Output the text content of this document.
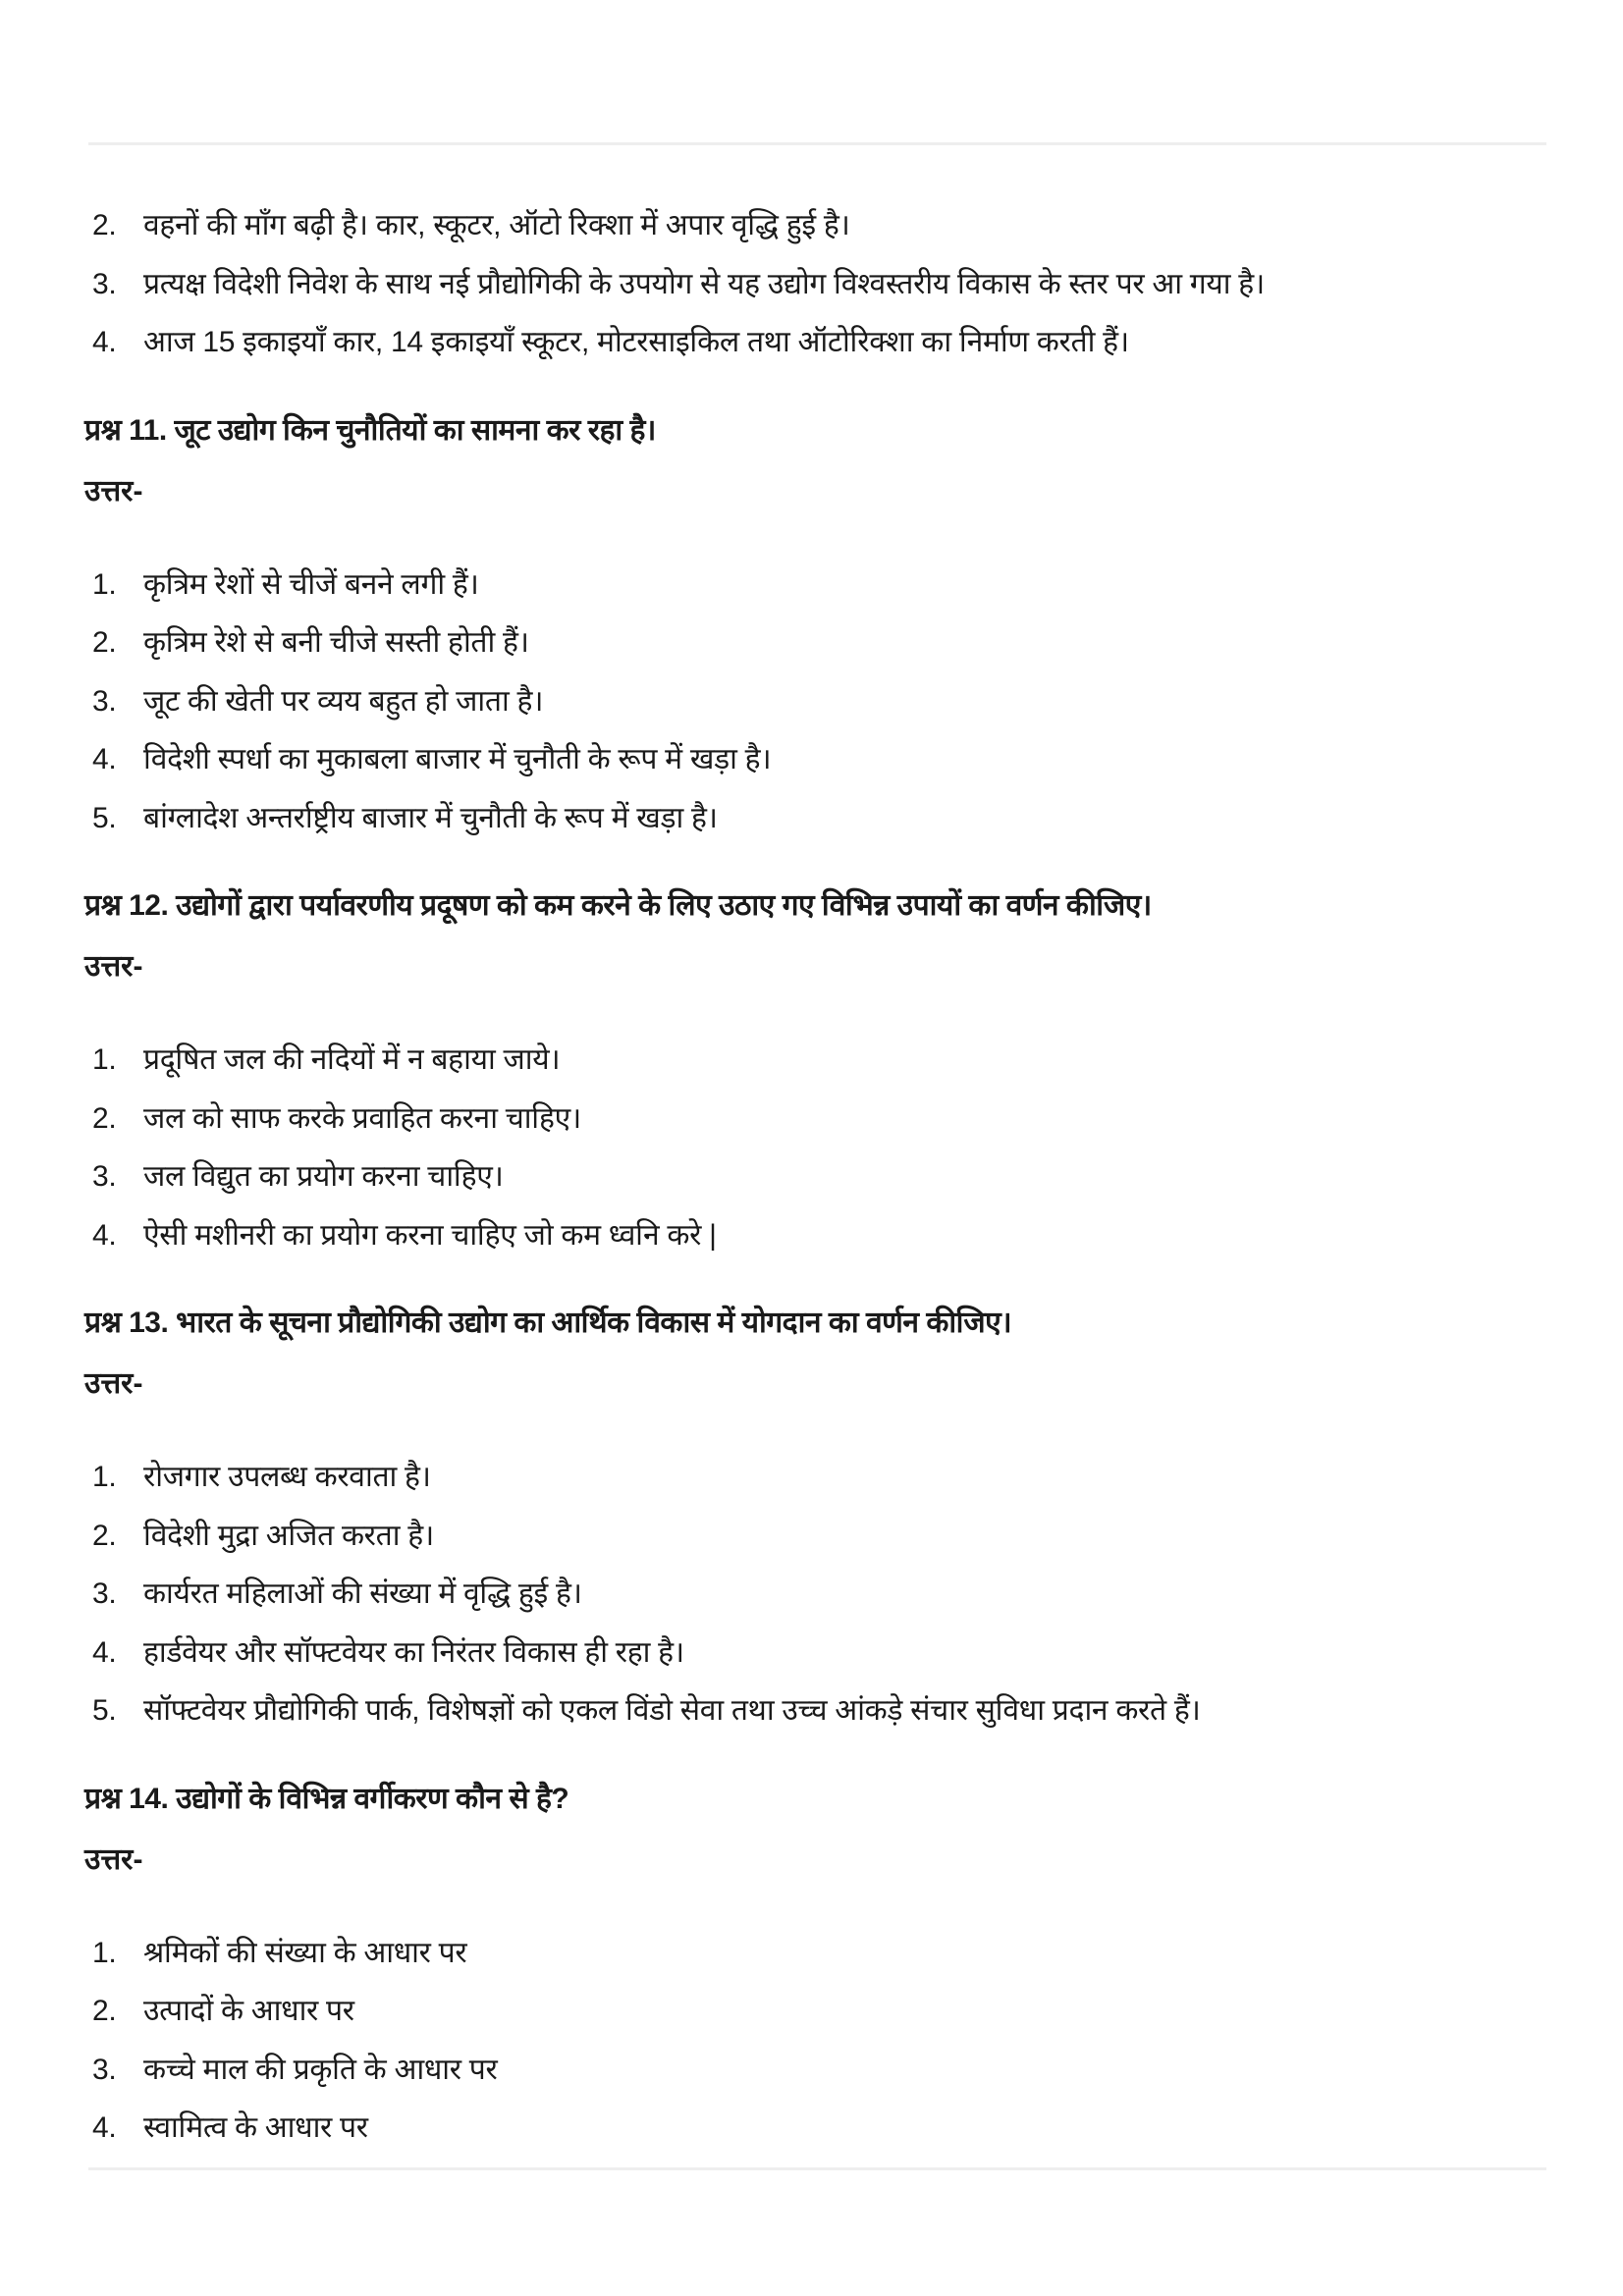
2. वहनों की माँग बढ़ी है। कार, स्कूटर, ऑटो रिक्शा में अपार वृद्धि हुई है।
3. प्रत्यक्ष विदेशी निवेश के साथ नई प्रौद्योगिकी के उपयोग से यह उद्योग विश्वस्तरीय विकास के स्तर पर आ गया है।
4. आज 15 इकाइयाँ कार, 14 इकाइयाँ स्कूटर, मोटरसाइकिल तथा ऑटोरिक्शा का निर्माण करती हैं।

प्रश्न 11. जूट उद्योग किन चुनौतियों का सामना कर रहा है।

उत्तर-

1. कृत्रिम रेशों से चीजें बनने लगी हैं।
2. कृत्रिम रेशे से बनी चीजे सस्ती होती हैं।
3. जूट की खेती पर व्यय बहुत हो जाता है।
4. विदेशी स्पर्धा का मुकाबला बाजार में चुनौती के रूप में खड़ा है।
5. बांग्लादेश अन्तर्राष्ट्रीय बाजार में चुनौती के रूप में खड़ा है।

प्रश्न 12. उद्योगों द्वारा पर्यावरणीय प्रदूषण को कम करने के लिए उठाए गए विभिन्न उपायों का वर्णन कीजिए।

उत्तर-

1. प्रदूषित जल की नदियों में न बहाया जाये।
2. जल को साफ करके प्रवाहित करना चाहिए।
3. जल विद्युत का प्रयोग करना चाहिए।
4. ऐसी मशीनरी का प्रयोग करना चाहिए जो कम ध्वनि करे |

प्रश्न 13. भारत के सूचना प्रौद्योगिकी उद्योग का आर्थिक विकास में योगदान का वर्णन कीजिए।

उत्तर-

1. रोजगार उपलब्ध करवाता है।
2. विदेशी मुद्रा अजित करता है।
3. कार्यरत महिलाओं की संख्या में वृद्धि हुई है।
4. हार्डवेयर और सॉफ्टवेयर का निरंतर विकास ही रहा है।
5. सॉफ्टवेयर प्रौद्योगिकी पार्क, विशेषज्ञों को एकल विंडो सेवा तथा उच्च आंकड़े संचार सुविधा प्रदान करते हैं।

प्रश्न 14. उद्योगों के विभिन्न वर्गीकरण कौन से है?

उत्तर-

1. श्रमिकों की संख्या के आधार पर
2. उत्पादों के आधार पर
3. कच्चे माल की प्रकृति के आधार पर
4. स्वामित्व के आधार पर
